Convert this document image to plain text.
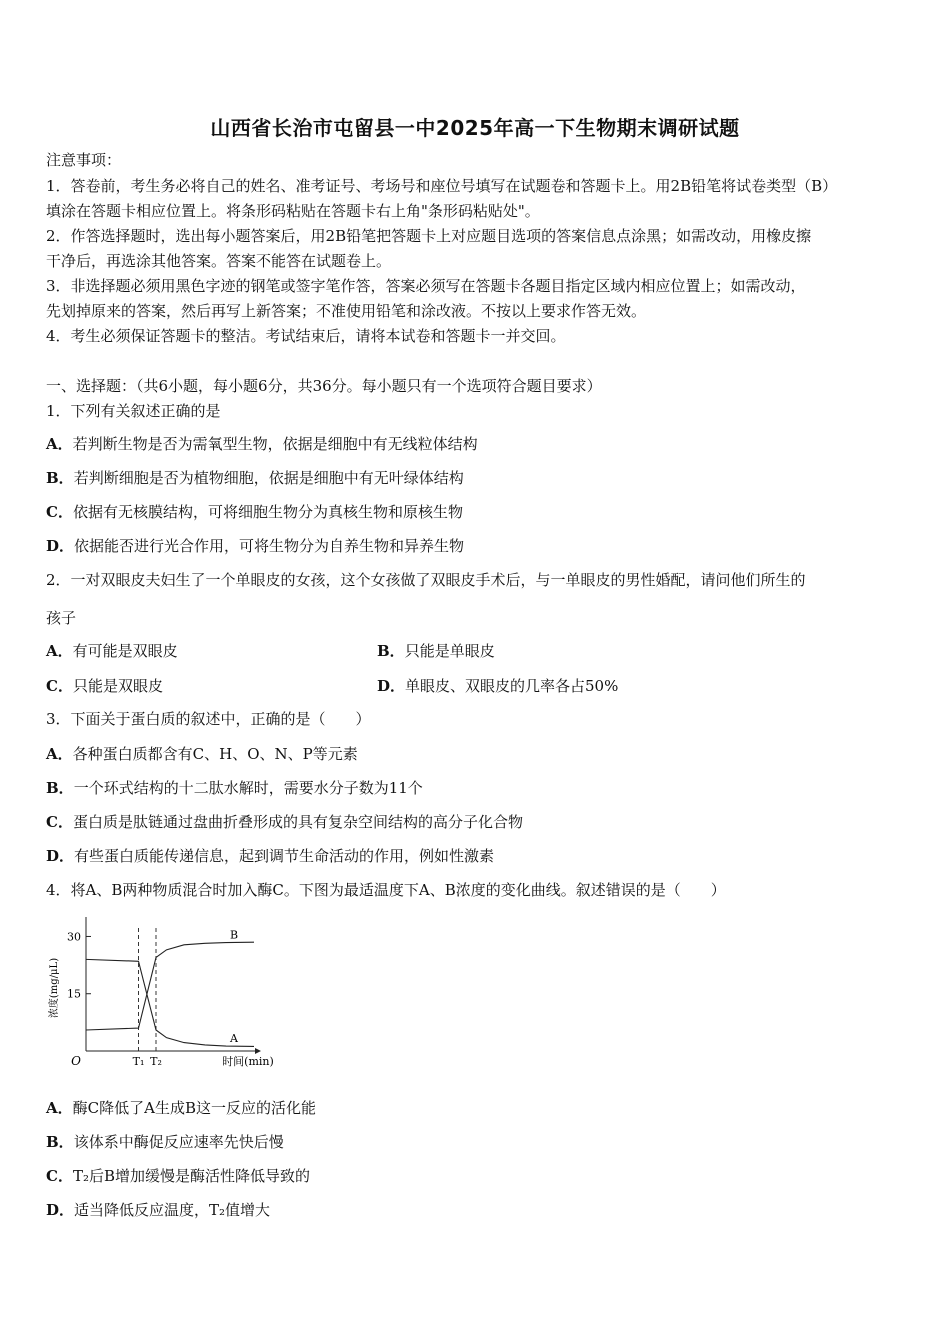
山西省长治市屯留县一中2025年高一下生物期末调研试题
注意事项：
1．答卷前，考生务必将自己的姓名、准考证号、考场号和座位号填写在试题卷和答题卡上。用2B铅笔将试卷类型（B）
填涂在答题卡相应位置上。将条形码粘贴在答题卡右上角"条形码粘贴处"。
2．作答选择题时，选出每小题答案后，用2B铅笔把答题卡上对应题目选项的答案信息点涂黑；如需改动，用橡皮擦
干净后，再选涂其他答案。答案不能答在试题卷上。
3．非选择题必须用黑色字迹的钢笔或签字笔作答，答案必须写在答题卡各题目指定区域内相应位置上；如需改动，
先划掉原来的答案，然后再写上新答案；不准使用铅笔和涂改液。不按以上要求作答无效。
4．考生必须保证答题卡的整洁。考试结束后，请将本试卷和答题卡一并交回。
一、选择题：（共6小题，每小题6分，共36分。每小题只有一个选项符合题目要求）
1．下列有关叙述正确的是
A．若判断生物是否为需氧型生物，依据是细胞中有无线粒体结构
B．若判断细胞是否为植物细胞，依据是细胞中有无叶绿体结构
C．依据有无核膜结构，可将细胞生物分为真核生物和原核生物
D．依据能否进行光合作用，可将生物分为自养生物和异养生物
2．一对双眼皮夫妇生了一个单眼皮的女孩，这个女孩做了双眼皮手术后，与一单眼皮的男性婚配，请问他们所生的
孩子
A．有可能是双眼皮	B．只能是单眼皮
C．只能是双眼皮	D．单眼皮、双眼皮的几率各占50%
3．下面关于蛋白质的叙述中，正确的是（　　）
A．各种蛋白质都含有C、H、O、N、P等元素
B．一个环式结构的十二肽水解时，需要水分子数为11个
C．蛋白质是肽链通过盘曲折叠形成的具有复杂空间结构的高分子化合物
D．有些蛋白质能传递信息，起到调节生命活动的作用，例如性激素
4．将A、B两种物质混合时加入酶C。下图为最适温度下A、B浓度的变化曲线。叙述错误的是（　　）
O
15
30
浓度(mg/μL)
时间(min)
T₁ T₂
B
A
A．酶C降低了A生成B这一反应的活化能
B．该体系中酶促反应速率先快后慢
C．T₂后B增加缓慢是酶活性降低导致的
D．适当降低反应温度，T₂值增大
